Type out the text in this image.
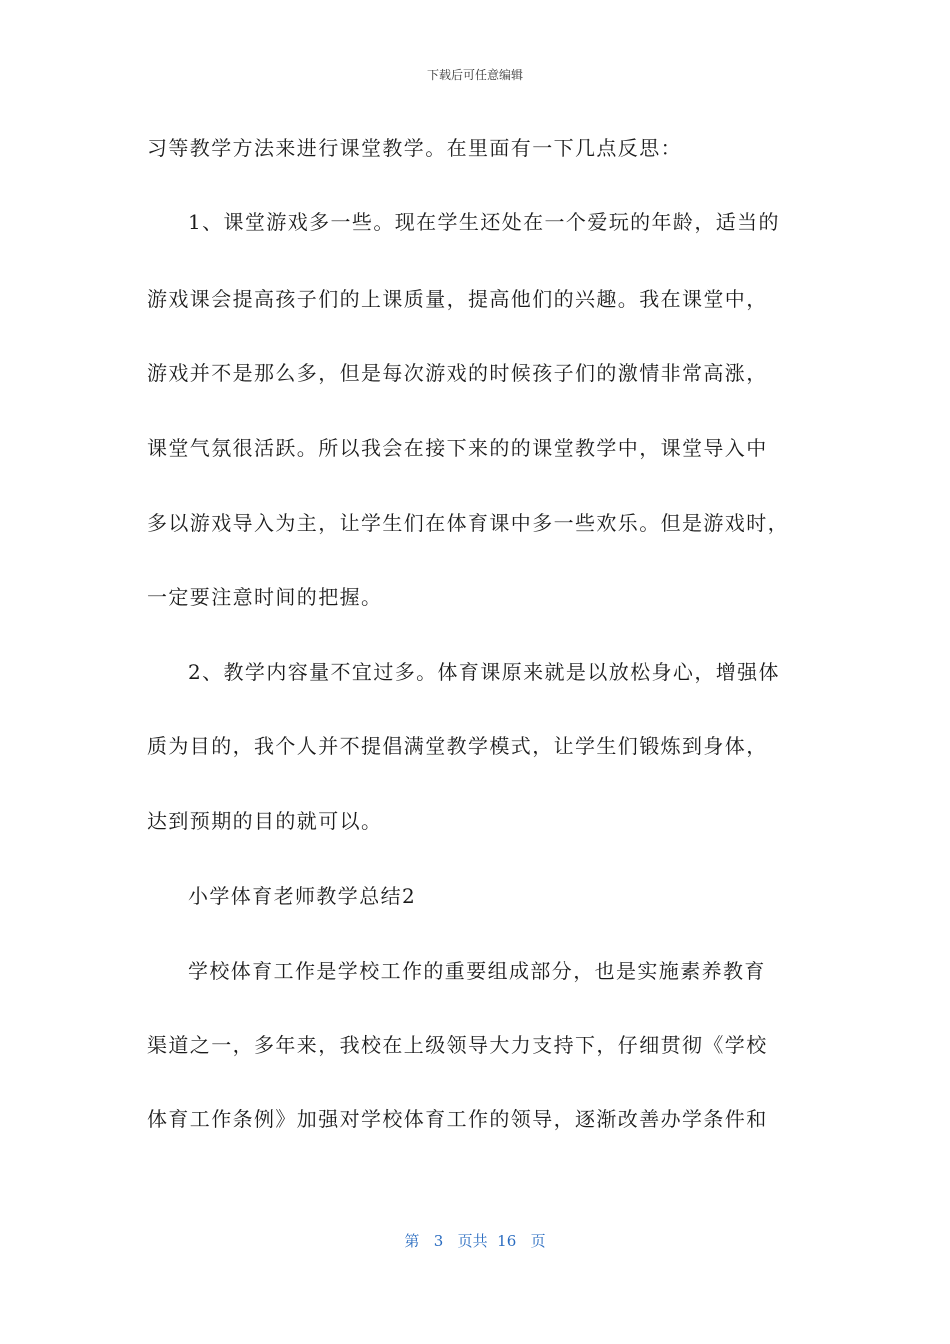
下载后可任意编辑
习等教学方法来进行课堂教学。在里面有一下几点反思：
1、课堂游戏多一些。现在学生还处在一个爱玩的年龄，适当的
游戏课会提高孩子们的上课质量，提高他们的兴趣。我在课堂中，
游戏并不是那么多，但是每次游戏的时候孩子们的激情非常高涨，
课堂气氛很活跃。所以我会在接下来的的课堂教学中，课堂导入中
多以游戏导入为主，让学生们在体育课中多一些欢乐。但是游戏时，
一定要注意时间的把握。
2、教学内容量不宜过多。体育课原来就是以放松身心，增强体
质为目的，我个人并不提倡满堂教学模式，让学生们锻炼到身体，
达到预期的目的就可以。
小学体育老师教学总结2
学校体育工作是学校工作的重要组成部分，也是实施素养教育
渠道之一，多年来，我校在上级领导大力支持下，仔细贯彻《学校
体育工作条例》加强对学校体育工作的领导，逐渐改善办学条件和
第 3 页共 16 页
